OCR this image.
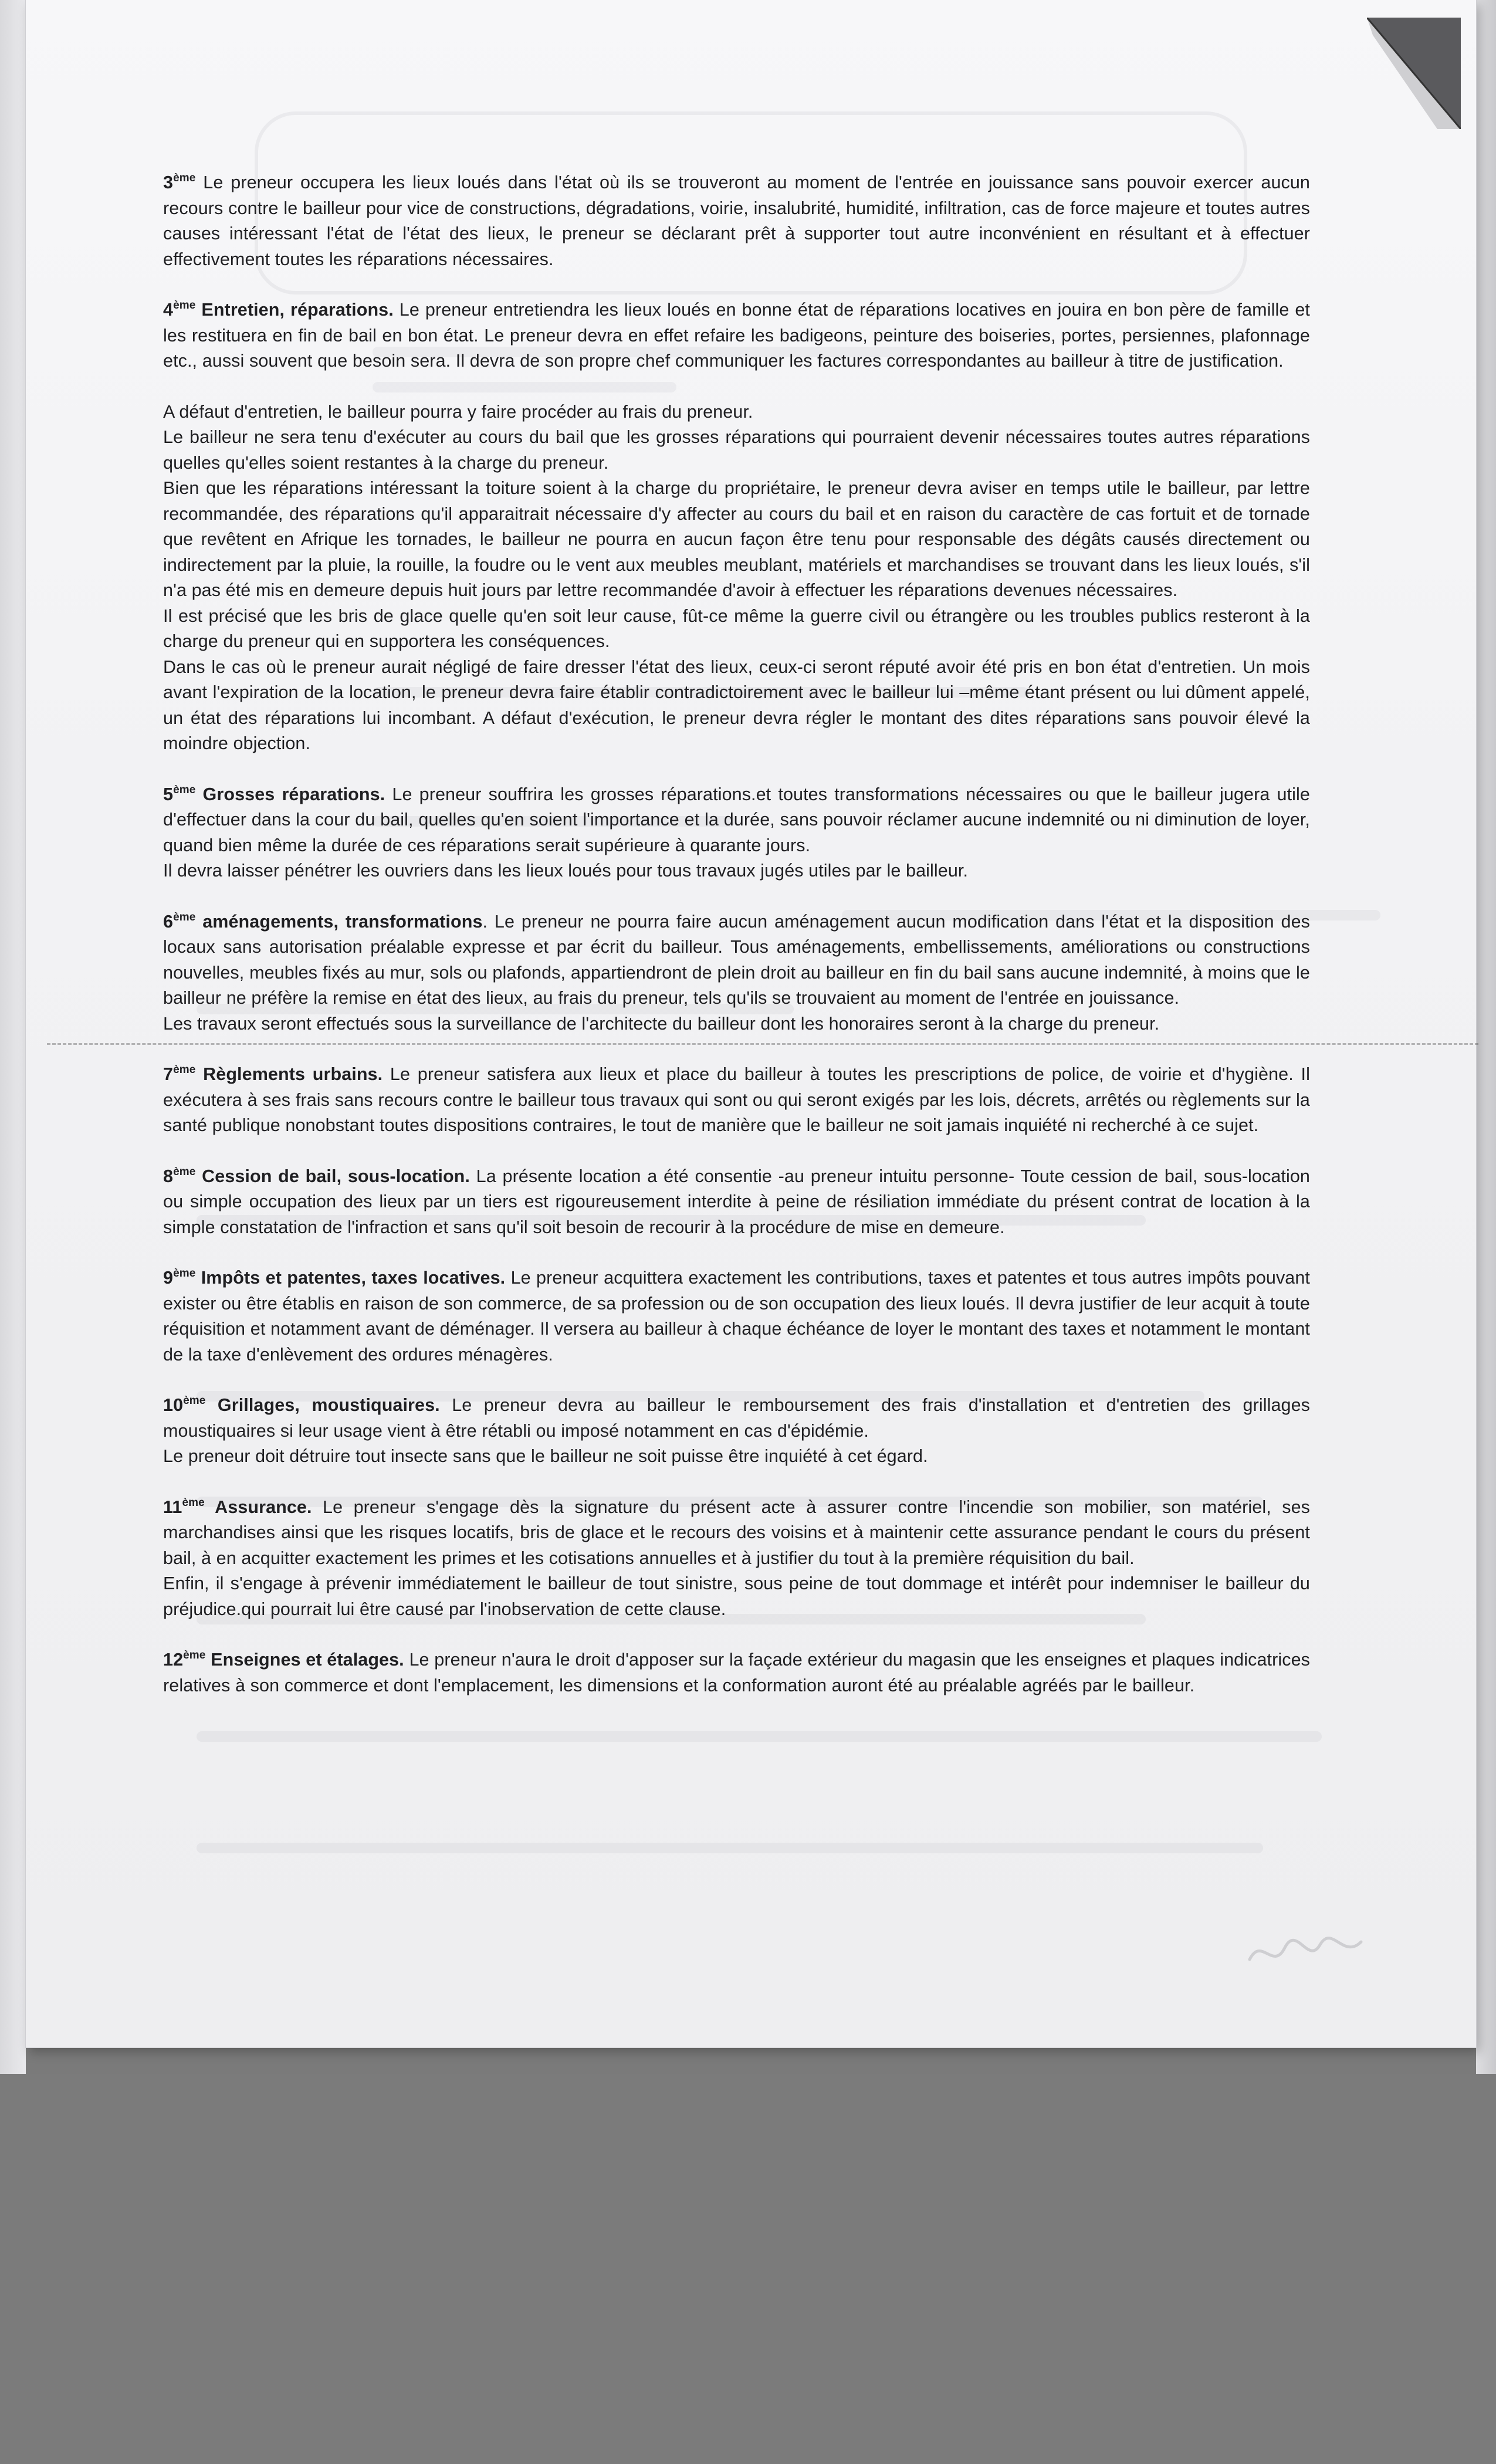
3ème Le preneur occupera les lieux loués dans l'état où ils se trouveront au moment de l'entrée en jouissance sans pouvoir exercer aucun recours contre le bailleur pour vice de constructions, dégradations, voirie, insalubrité, humidité, infiltration, cas de force majeure et toutes autres causes intéressant l'état de l'état des lieux, le preneur se déclarant prêt à supporter tout autre inconvénient en résultant et à effectuer effectivement toutes les réparations nécessaires.

4ème Entretien, réparations. Le preneur entretiendra les lieux loués en bonne état de réparations locatives en jouira en bon père de famille et les restituera en fin de bail en bon état. Le preneur devra en effet refaire les badigeons, peinture des boiseries, portes, persiennes, plafonnage etc., aussi souvent que besoin sera. Il devra de son propre chef communiquer les factures correspondantes au bailleur à titre de justification.

A défaut d'entretien, le bailleur pourra y faire procéder au frais du preneur.

Le bailleur ne sera tenu d'exécuter au cours du bail que les grosses réparations qui pourraient devenir nécessaires toutes autres réparations quelles qu'elles soient restantes à la charge du preneur.

Bien que les réparations intéressant la toiture soient à la charge du propriétaire, le preneur devra aviser en temps utile le bailleur, par lettre recommandée, des réparations qu'il apparaitrait nécessaire d'y affecter au cours du bail et en raison du caractère de cas fortuit et de tornade que revêtent en Afrique les tornades, le bailleur ne pourra en aucun façon être tenu pour responsable des dégâts causés directement ou indirectement par la pluie, la rouille, la foudre ou le vent aux meubles meublant, matériels et marchandises se trouvant dans les lieux loués, s'il n'a pas été mis en demeure depuis huit jours par lettre recommandée d'avoir à effectuer les réparations devenues nécessaires.

Il est précisé que les bris de glace quelle qu'en soit leur cause, fût-ce même la guerre civil ou étrangère ou les troubles publics resteront à la charge du preneur qui en supportera les conséquences.

Dans le cas où le preneur aurait négligé de faire dresser l'état des lieux, ceux-ci seront réputé avoir été pris en bon état d'entretien. Un mois avant l'expiration de la location, le preneur devra faire établir contradictoirement avec le bailleur lui –même étant présent ou lui dûment appelé, un état des réparations lui incombant. A défaut d'exécution, le preneur devra régler le montant des dites réparations sans pouvoir élevé la moindre objection.

5ème Grosses réparations. Le preneur souffrira les grosses réparations.et toutes transformations nécessaires ou que le bailleur jugera utile d'effectuer dans la cour du bail, quelles qu'en soient l'importance et la durée, sans pouvoir réclamer aucune indemnité ou ni diminution de loyer, quand bien même la durée de ces réparations serait supérieure à quarante jours.

Il devra laisser pénétrer les ouvriers dans les lieux loués pour tous travaux jugés utiles par le bailleur.

6ème aménagements, transformations. Le preneur ne pourra faire aucun aménagement aucun modification dans l'état et la disposition des locaux sans autorisation préalable expresse et par écrit du bailleur. Tous aménagements, embellissements, améliorations ou constructions nouvelles, meubles fixés au mur, sols ou plafonds, appartiendront de plein droit au bailleur en fin du bail sans aucune indemnité, à moins que le bailleur ne préfère la remise en état des lieux, au frais du preneur, tels qu'ils se trouvaient au moment de l'entrée en jouissance.

Les travaux seront effectués sous la surveillance de l'architecte du bailleur dont les honoraires seront à la charge du preneur.

7ème Règlements urbains. Le preneur satisfera aux lieux et place du bailleur à toutes les prescriptions de police, de voirie et d'hygiène. Il exécutera à ses frais sans recours contre le bailleur tous travaux qui sont ou qui seront exigés par les lois, décrets, arrêtés ou règlements sur la santé publique nonobstant toutes dispositions contraires, le tout de manière que le bailleur ne soit jamais inquiété ni recherché à ce sujet.

8ème Cession de bail, sous-location. La présente location a été consentie -au preneur intuitu personne- Toute cession de bail, sous-location ou simple occupation des lieux par un tiers est rigoureusement interdite à peine de résiliation immédiate du présent contrat de location à la simple constatation de l'infraction et sans qu'il soit besoin de recourir à la procédure de mise en demeure.

9ème Impôts et patentes, taxes locatives. Le preneur acquittera exactement les contributions, taxes et patentes et tous autres impôts pouvant exister ou être établis en raison de son commerce, de sa profession ou de son occupation des lieux loués. Il devra justifier de leur acquit à toute réquisition et notamment avant de déménager. Il versera au bailleur à chaque échéance de loyer le montant des taxes et notamment le montant de la taxe d'enlèvement des ordures ménagères.

10ème Grillages, moustiquaires. Le preneur devra au bailleur le remboursement des frais d'installation et d'entretien des grillages moustiquaires si leur usage vient à être rétabli ou imposé notamment en cas d'épidémie.

Le preneur doit détruire tout insecte sans que le bailleur ne soit puisse être inquiété à cet égard.

11ème Assurance. Le preneur s'engage dès la signature du présent acte à assurer contre l'incendie son mobilier, son matériel, ses marchandises ainsi que les risques locatifs, bris de glace et le recours des voisins et à maintenir cette assurance pendant le cours du présent bail, à en acquitter exactement les primes et les cotisations annuelles et à justifier du tout à la première réquisition du bail.

Enfin, il s'engage à prévenir immédiatement le bailleur de tout sinistre, sous peine de tout dommage et intérêt pour indemniser le bailleur du préjudice.qui pourrait lui être causé par l'inobservation de cette clause.

12ème Enseignes et étalages. Le preneur n'aura le droit d'apposer sur la façade extérieur du magasin que les enseignes et plaques indicatrices relatives à son commerce et dont l'emplacement, les dimensions et la conformation auront été au préalable agréés par le bailleur.
